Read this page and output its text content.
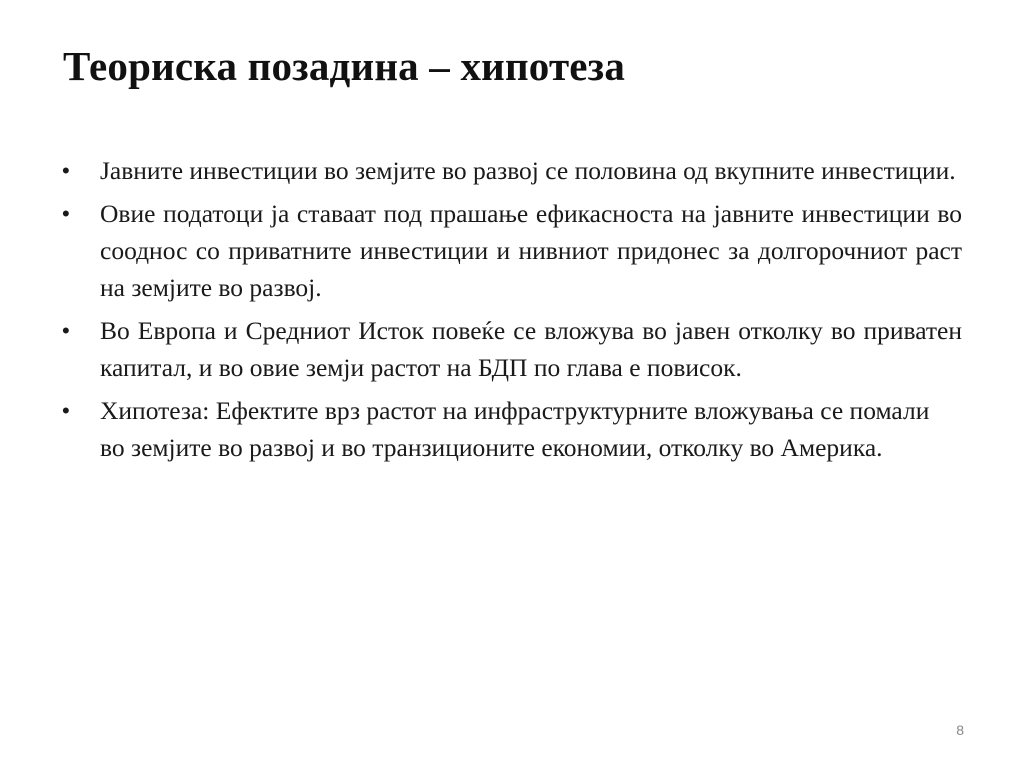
Теориска позадина – хипотеза
•	Јавните инвестиции во земјите во развој се половина од вкупните инвестиции.
•	Овие податоци ја ставаат под прашање ефикасноста на јавните инвестиции во сооднос со приватните инвестиции и нивниот придонес за долгорочниот раст на земјите во развој.
•	Во Европа и Средниот Исток повеќе се вложува во јавен отколку во приватен капитал, и во овие земји растот на БДП по глава е повисок.
•	Хипотеза: Ефектите врз растот на инфраструктурните вложувања се помали во земјите во развој и во транзиционите економии, отколку во Америка.
8
